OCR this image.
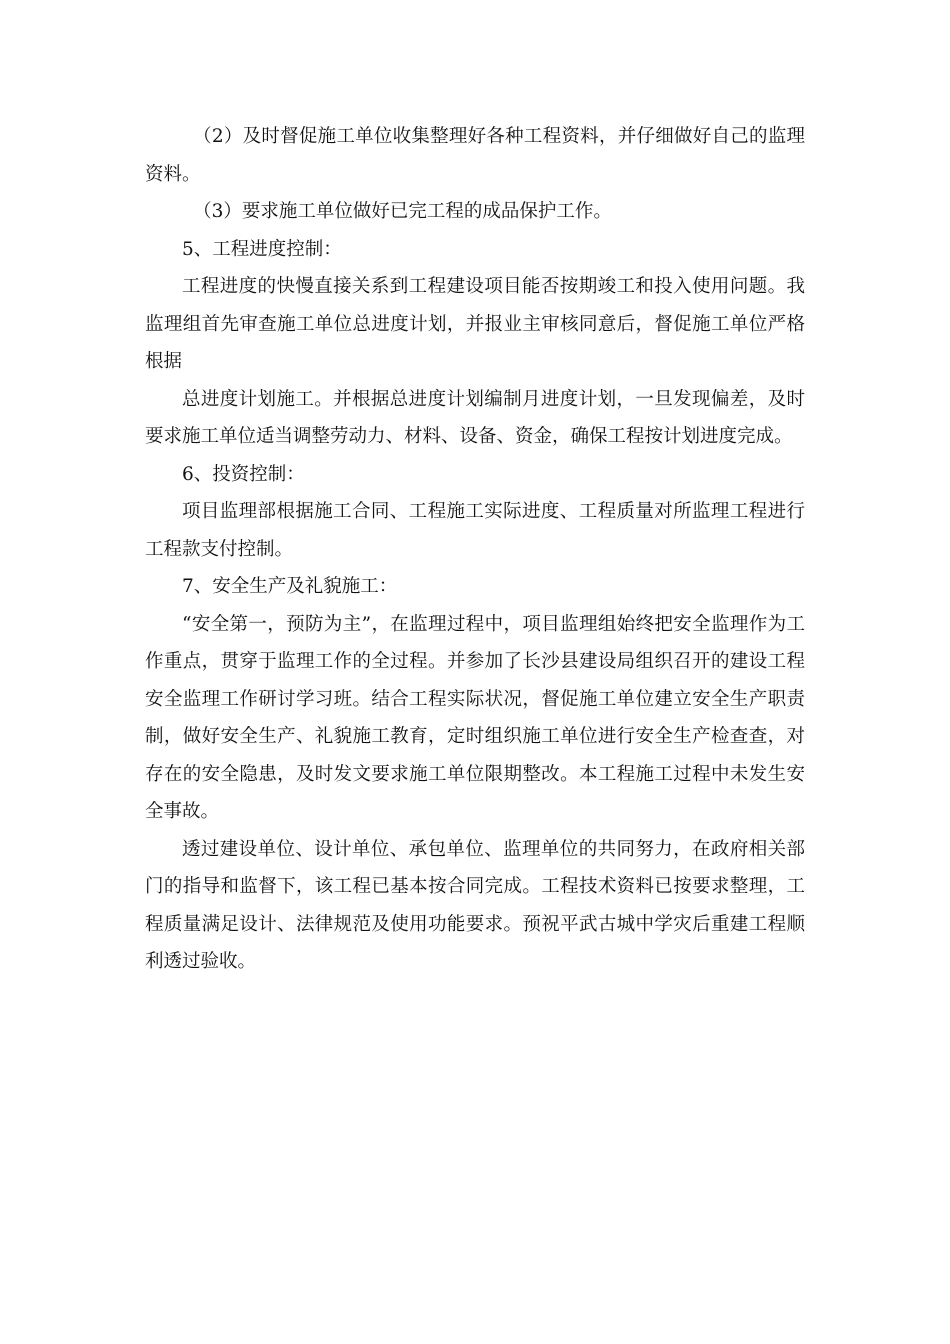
（2）及时督促施工单位收集整理好各种工程资料，并仔细做好自己的监理资料。

（3）要求施工单位做好已完工程的成品保护工作。

5、工程进度控制：

工程进度的快慢直接关系到工程建设项目能否按期竣工和投入使用问题。我监理组首先审查施工单位总进度计划，并报业主审核同意后，督促施工单位严格根据

总进度计划施工。并根据总进度计划编制月进度计划，一旦发现偏差，及时要求施工单位适当调整劳动力、材料、设备、资金，确保工程按计划进度完成。

6、投资控制：

项目监理部根据施工合同、工程施工实际进度、工程质量对所监理工程进行工程款支付控制。

7、安全生产及礼貌施工：

“安全第一，预防为主”，在监理过程中，项目监理组始终把安全监理作为工作重点，贯穿于监理工作的全过程。并参加了长沙县建设局组织召开的建设工程安全监理工作研讨学习班。结合工程实际状况，督促施工单位建立安全生产职责制，做好安全生产、礼貌施工教育，定时组织施工单位进行安全生产检查查，对存在的安全隐患，及时发文要求施工单位限期整改。本工程施工过程中未发生安全事故。

透过建设单位、设计单位、承包单位、监理单位的共同努力，在政府相关部门的指导和监督下，该工程已基本按合同完成。工程技术资料已按要求整理，工程质量满足设计、法律规范及使用功能要求。预祝平武古城中学灾后重建工程顺利透过验收。
